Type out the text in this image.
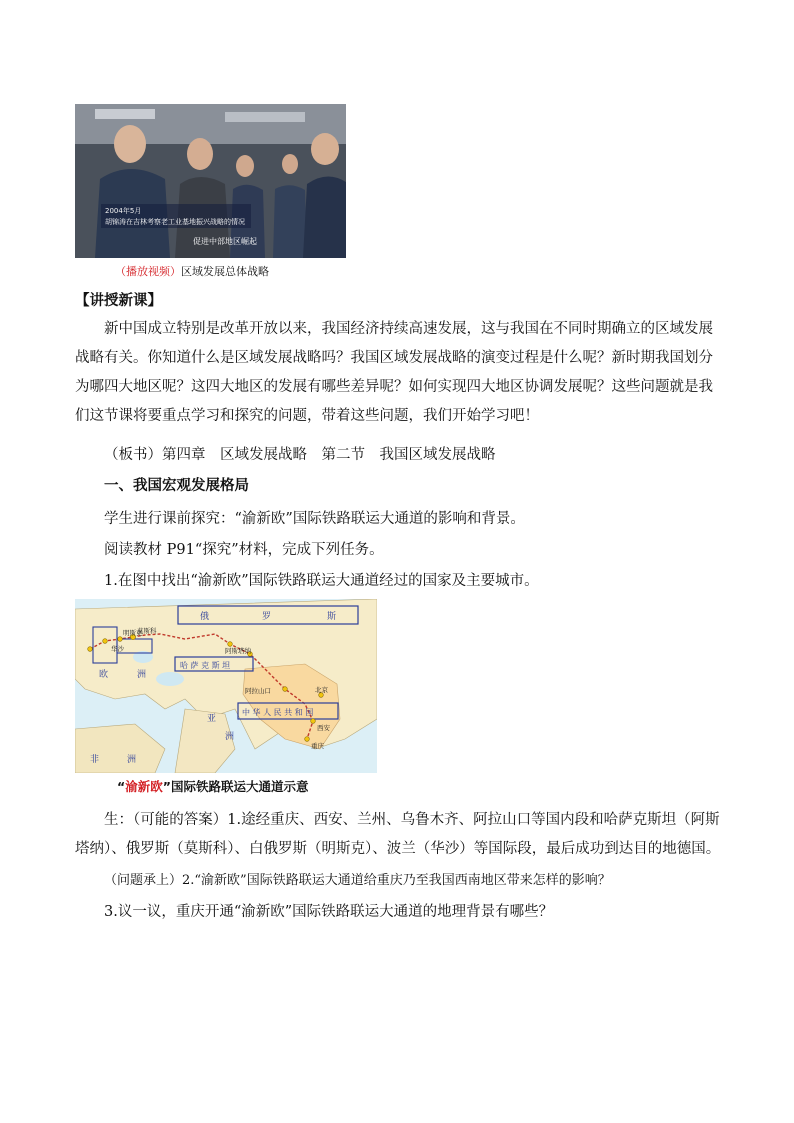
2004年5月
胡锦涛在吉林考察老工业基地振兴战略的情况
促进中部地区崛起
（播放视频）区域发展总体战略
【讲授新课】

新中国成立特别是改革开放以来，我国经济持续高速发展，这与我国在不同时期确立的区域发展战略有关。你知道什么是区域发展战略吗？我国区域发展战略的演变过程是什么呢？新时期我国划分为哪四大地区呢？这四大地区的发展有哪些差异呢？如何实现四大地区协调发展呢？这些问题就是我们这节课将要重点学习和探究的问题，带着这些问题，我们开始学习吧！

（板书）第四章　区域发展战略　第二节　我国区域发展战略
一、我国宏观发展格局
学生进行课前探究：“渝新欧”国际铁路联运大通道的影响和背景。
阅读教材 P91“探究”材料，完成下列任务。
1.在图中找出“渝新欧”国际铁路联运大通道经过的国家及主要城市。
俄	罗	斯
哈 萨 克 斯 坦
中 华 人 民 共 和 国
欧	洲
亚
洲
非	洲
莫斯科
明斯克
华沙	阿斯塔纳
阿拉山口	北京
西安
重庆
“渝新欧”国际铁路联运大通道示意

生：（可能的答案）1.途经重庆、西安、兰州、乌鲁木齐、阿拉山口等国内段和哈萨克斯坦（阿斯塔纳）、俄罗斯（莫斯科）、白俄罗斯（明斯克）、波兰（华沙）等国际段，最后成功到达目的地德国。

（问题承上）2.“渝新欧”国际铁路联运大通道给重庆乃至我国西南地区带来怎样的影响？
3.议一议，重庆开通“渝新欧”国际铁路联运大通道的地理背景有哪些？
